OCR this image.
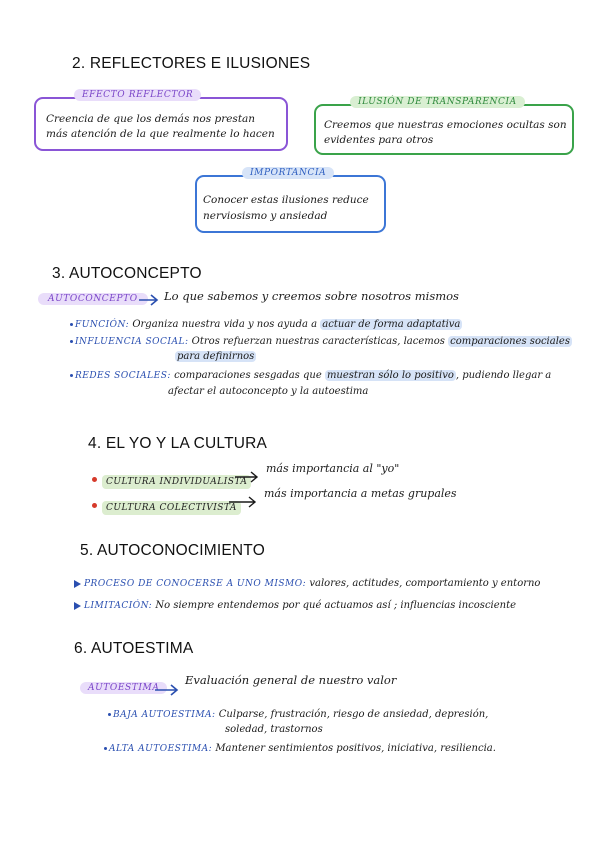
2. REFLECTORES E ILUSIONES
Creencia de que los demás nos prestan
más atención de la que realmente lo hacen
EFECTO REFLECTOR
Creemos que nuestras emociones ocultas son
evidentes para otros
ILUSIÓN DE TRANSPARENCIA
Conocer estas ilusiones reduce
nerviosismo y ansiedad
IMPORTANCIA
3. AUTOCONCEPTO
AUTOCONCEPTO	Lo que sabemos y creemos sobre nosotros mismos
FUNCIÓN: Organiza nuestra vida y nos ayuda a actuar de forma adaptativa
INFLUENCIA SOCIAL: Otros refuerzan nuestras características, lacemos comparaciones sociales
para definirnos
REDES SOCIALES: comparaciones sesgadas que muestran sólo lo positivo , pudiendo llegar a
afectar el autoconcepto y la autoestima
4. EL YO Y LA CULTURA
CULTURA INDIVIDUALISTA
más importancia al "yo"
CULTURA COLECTIVISTA
más importancia a metas grupales
5. AUTOCONOCIMIENTO
PROCESO DE CONOCERSE A UNO MISMO: valores, actitudes, comportamiento y entorno
LIMITACIÓN: No siempre entendemos por qué actuamos así ; influencias incosciente
6. AUTOESTIMA
AUTOESTIMA
Evaluación general de nuestro valor
BAJA AUTOESTIMA: Culparse, frustración, riesgo de ansiedad, depresión,
soledad, trastornos
ALTA AUTOESTIMA: Mantener sentimientos positivos, iniciativa, resiliencia.
